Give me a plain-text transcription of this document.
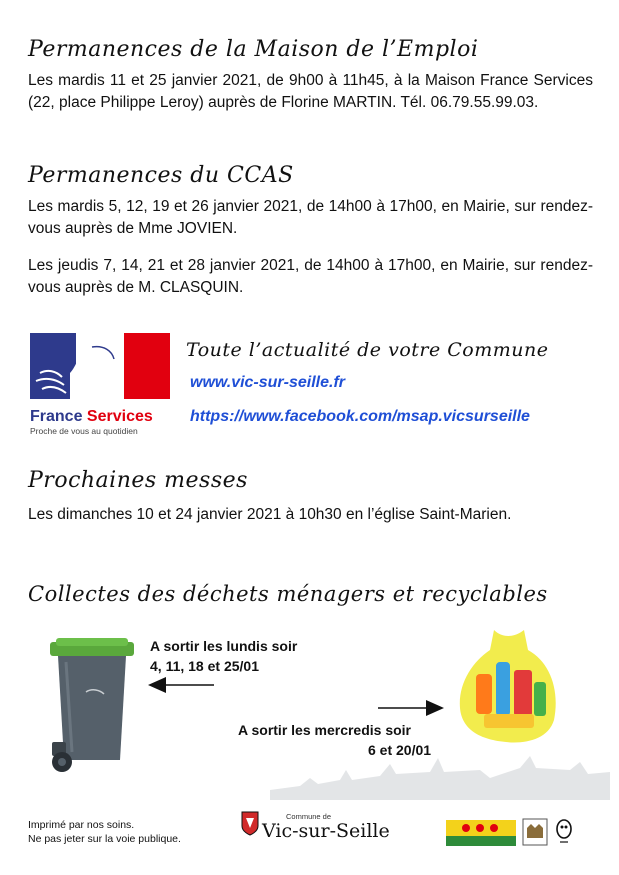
Permanences de la Maison de l’Emploi
Les mardis 11 et 25 janvier 2021, de 9h00 à 11h45, à la Maison France Services (22, place Philippe Leroy) auprès de Florine MARTIN. Tél. 06.79.55.99.03.
Permanences du CCAS
Les mardis 5, 12, 19 et 26 janvier 2021, de 14h00 à 17h00, en Mairie, sur rendez-vous auprès de Mme JOVIEN.
Les jeudis 7, 14, 21 et 28 janvier 2021, de 14h00 à 17h00, en Mairie, sur rendez-vous auprès de M. CLASQUIN.
France Services
Proche de vous au quotidien
Toute l’actualité de votre Commune
www.vic-sur-seille.fr
https://www.facebook.com/msap.vicsurseille
Prochaines messes
Les dimanches 10 et 24 janvier 2021 à 10h30 en l’église Saint-Marien.
Collectes des déchets ménagers et recyclables
A sortir les lundis soir
4, 11, 18 et 25/01
A sortir les mercredis soir
6 et 20/01
Imprimé par nos soins.
Ne pas jeter sur la voie publique.
Commune de
Vic-sur-Seille
